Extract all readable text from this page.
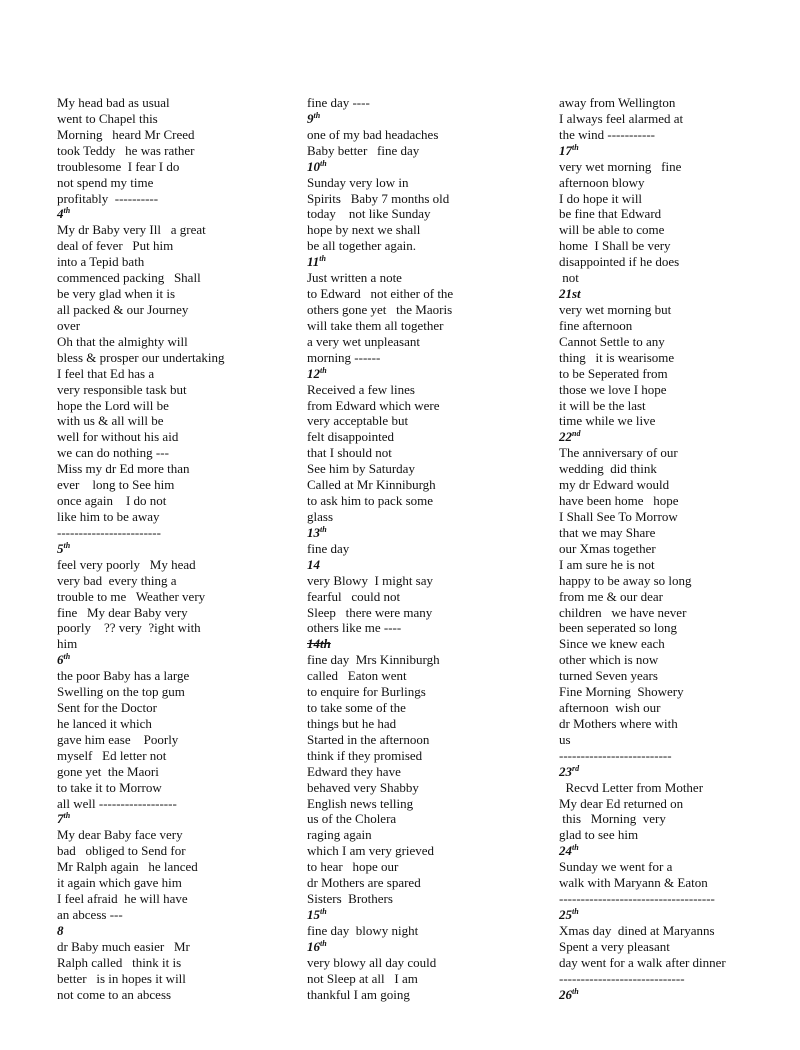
My head bad as usual
went to Chapel this
Morning   heard Mr Creed
took Teddy   he was rather
troublesome  I fear I do
not spend my time
profitably  ----------
4th
My dr Baby very Ill   a great
deal of fever   Put him
into a Tepid bath
commenced packing   Shall
be very glad when it is
all packed & our Journey
over
Oh that the almighty will
bless & prosper our undertaking
I feel that Ed has a
very responsible task but
hope the Lord will be
with us & all will be
well for without his aid
we can do nothing ---
Miss my dr Ed more than
ever    long to See him
once again    I do not
like him to be away
------------------------
5th
feel very poorly   My head
very bad  every thing a
trouble to me   Weather very
fine   My dear Baby very
poorly    ?? very  ?ight with
him
6th
the poor Baby has a large
Swelling on the top gum
Sent for the Doctor
he lanced it which
gave him ease    Poorly
myself   Ed letter not
gone yet  the Maori
to take it to Morrow
all well ------------------
7th
My dear Baby face very
bad   obliged to Send for
Mr Ralph again   he lanced
it again which gave him
I feel afraid  he will have
an abcess ---
8
dr Baby much easier   Mr
Ralph called   think it is
better   is in hopes it will
not come to an abcess
fine day ----
9th
one of my bad headaches
Baby better   fine day
10th
Sunday very low in
Spirits   Baby 7 months old
today    not like Sunday
hope by next we shall
be all together again.
11th
Just written a note
to Edward   not either of the
others gone yet   the Maoris
will take them all together
a very wet unpleasant
morning ------
12th
Received a few lines
from Edward which were
very acceptable but
felt disappointed
that I should not
See him by Saturday
Called at Mr Kinniburgh
to ask him to pack some
glass
13th
fine day
14
very Blowy  I might say
fearful   could not
Sleep   there were many
others like me ----
14th
fine day  Mrs Kinniburgh
called   Eaton went
to enquire for Burlings
to take some of the
things but he had
Started in the afternoon
think if they promised
Edward they have
behaved very Shabby
English news telling
us of the Cholera
raging again
which I am very grieved
to hear   hope our
dr Mothers are spared
Sisters  Brothers
15th
fine day  blowy night
16th
very blowy all day could
not Sleep at all   I am
thankful I am going
away from Wellington
I always feel alarmed at
the wind -----------
17th
very wet morning   fine
afternoon blowy
I do hope it will
be fine that Edward
will be able to come
home  I Shall be very
disappointed if he does
not
21st
very wet morning but
fine afternoon
Cannot Settle to any
thing   it is wearisome
to be Seperated from
those we love I hope
it will be the last
time while we live
22nd
The anniversary of our
wedding  did think
my dr Edward would
have been home   hope
I Shall See To Morrow
that we may Share
our Xmas together
I am sure he is not
happy to be away so long
from me & our dear
children   we have never
been seperated so long
Since we knew each
other which is now
turned Seven years
Fine Morning  Showery
afternoon  wish our
dr Mothers where with
us
--------------------------
23rd
Recvd Letter from Mother
My dear Ed returned on
this   Morning  very
glad to see him
24th
Sunday we went for a
walk with Maryann & Eaton
------------------------------------
25th
Xmas day  dined at Maryanns
Spent a very pleasant
day went for a walk after dinner
-----------------------------
26th
